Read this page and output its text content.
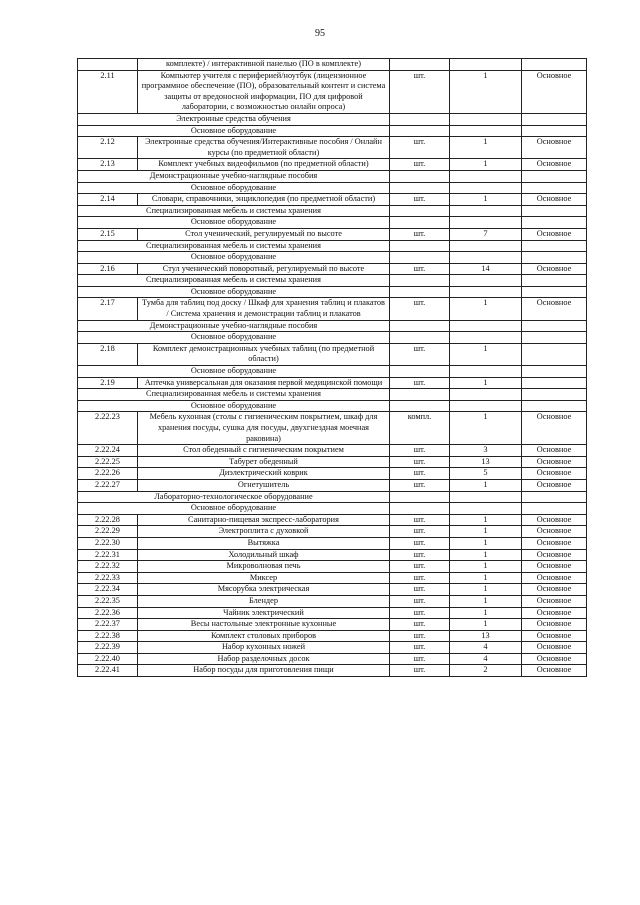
95
	комплекте) / интерактивной панелью (ПО в комплекте)			
2.11	Компьютер учителя с периферией/ноутбук (лицензионное программное обеспечение (ПО), образовательный контент и система защиты от вредоносной информации, ПО для цифровой лаборатории, с возможностью онлайн опроса)	шт.	1	Основное
Электронные средства обучения				
Основное оборудование				
2.12	Электронные средства обучения/Интерактивные пособия / Онлайн курсы (по предметной области)	шт.	1	Основное
2.13	Комплект учебных видеофильмов (по предметной области)	шт.	1	Основное
Демонстрационные учебно-наглядные пособия				
Основное оборудование				
2.14	Словари, справочники, энциклопедия (по предметной области)	шт.	1	Основное
Специализированная мебель и системы хранения				
Основное оборудование				
2.15	Стол ученический, регулируемый по высоте	шт.	7	Основное
Специализированная мебель и системы хранения				
Основное оборудование				
2.16	Стул ученический поворотный, регулируемый по высоте	шт.	14	Основное
Специализированная мебель и системы хранения				
Основное оборудование				
2.17	Тумба для таблиц под доску / Шкаф для хранения таблиц и плакатов / Система хранения и демонстрации таблиц и плакатов	шт.	1	Основное
Демонстрационные учебно-наглядные пособия				
Основное оборудование				
2.18	Комплект демонстрационных учебных таблиц (по предметной области)	шт.	1	
Основное оборудование				
2.19	Аптечка универсальная для оказания первой медицинской помощи	шт.	1	
Специализированная мебель и системы хранения				
Основное оборудование				
2.22.23	Мебель кухонная (столы с гигиеническим покрытием, шкаф для хранения посуды, сушка для посуды, двухгнездная моечная раковина)	компл.	1	Основное
2.22.24	Стол обеденный с гигиеническим покрытием	шт.	3	Основное
2.22.25	Табурет обеденный	шт.	13	Основное
2.22.26	Диэлектрический коврик	шт.	5	Основное
2.22.27	Огнетушитель	шт.	1	Основное
Лабораторно-технологическое оборудование				
Основное оборудование				
2.22.28	Санитарно-пищевая экспресс-лаборатория	шт.	1	Основное
2.22.29	Электроплита с духовкой	шт.	1	Основное
2.22.30	Вытяжка	шт.	1	Основное
2.22.31	Холодильный шкаф	шт.	1	Основное
2.22.32	Микроволновая печь	шт.	1	Основное
2.22.33	Миксер	шт.	1	Основное
2.22.34	Мясорубка электрическая	шт.	1	Основное
2.22.35	Блендер	шт.	1	Основное
2.22.36	Чайник электрический	шт.	1	Основное
2.22.37	Весы настольные электронные кухонные	шт.	1	Основное
2.22.38	Комплект столовых приборов	шт.	13	Основное
2.22.39	Набор кухонных ножей	шт.	4	Основное
2.22.40	Набор разделочных досок	шт.	4	Основное
2.22.41	Набор посуды для приготовления пищи	шт.	2	Основное
